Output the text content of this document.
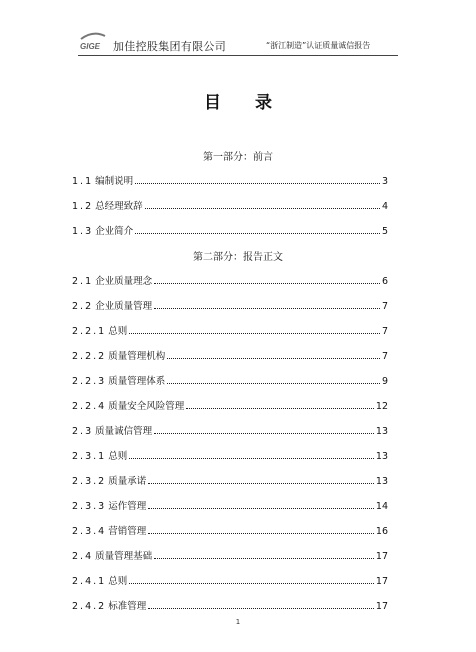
GIGE 加佳控股集团有限公司	“浙江制造”认证质量诚信报告
目 录
第一部分：前言
1.1 编制说明	3
1.2 总经理致辞	4
1.3 企业简介	5
第二部分：报告正文
2.1 企业质量理念	6
2.2 企业质量管理	7
2.2.1 总则	7
2.2.2 质量管理机构	7
2.2.3 质量管理体系	9
2.2.4 质量安全风险管理	12
2.3 质量诚信管理	13
2.3.1 总则	13
2.3.2 质量承诺	13
2.3.3 运作管理	14
2.3.4 营销管理	16
2.4 质量管理基础	17
2.4.1 总则	17
2.4.2 标准管理	17
1
